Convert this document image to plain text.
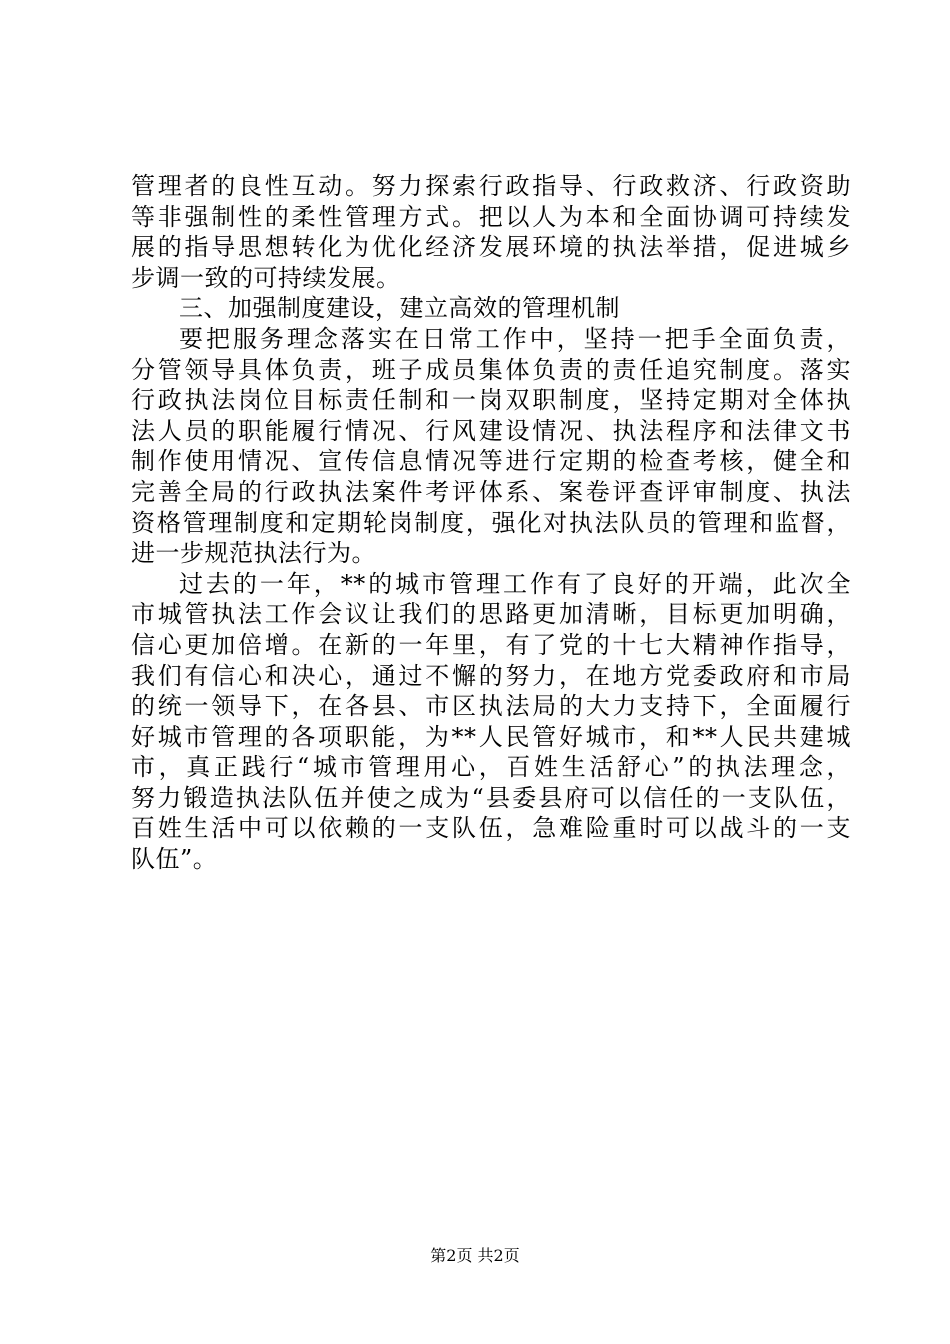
管理者的良性互动。努力探索行政指导、行政救济、行政资助
等非强制性的柔性管理方式。把以人为本和全面协调可持续发
展的指导思想转化为优化经济发展环境的执法举措，促进城乡
步调一致的可持续发展。
三、加强制度建设，建立高效的管理机制
要把服务理念落实在日常工作中，坚持一把手全面负责，
分管领导具体负责，班子成员集体负责的责任追究制度。落实
行政执法岗位目标责任制和一岗双职制度，坚持定期对全体执
法人员的职能履行情况、行风建设情况、执法程序和法律文书
制作使用情况、宣传信息情况等进行定期的检查考核，健全和
完善全局的行政执法案件考评体系、案卷评查评审制度、执法
资格管理制度和定期轮岗制度，强化对执法队员的管理和监督，
进一步规范执法行为。
过去的一年，**的城市管理工作有了良好的开端，此次全
市城管执法工作会议让我们的思路更加清晰，目标更加明确，
信心更加倍增。在新的一年里，有了党的十七大精神作指导，
我们有信心和决心，通过不懈的努力，在地方党委政府和市局
的统一领导下，在各县、市区执法局的大力支持下，全面履行
好城市管理的各项职能，为**人民管好城市，和**人民共建城
市，真正践行“城市管理用心，百姓生活舒心”的执法理念，
努力锻造执法队伍并使之成为“县委县府可以信任的一支队伍，
百姓生活中可以依赖的一支队伍，急难险重时可以战斗的一支
队伍”。
第2页 共2页
